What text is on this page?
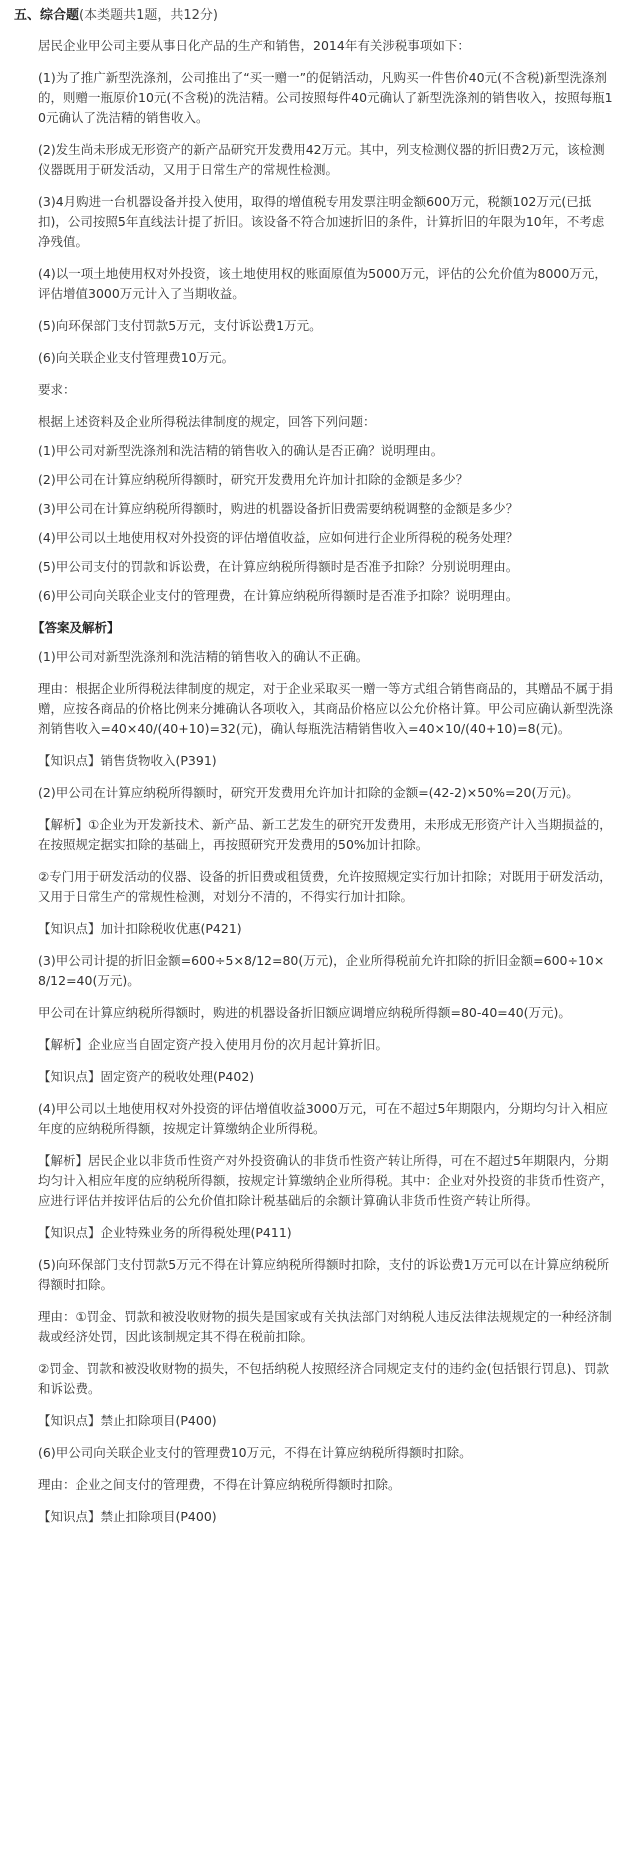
五、综合题(本类题共1题，共12分)

居民企业甲公司主要从事日化产品的生产和销售，2014年有关涉税事项如下：

(1)为了推广新型洗涤剂，公司推出了“买一赠一”的促销活动，凡购买一件售价40元(不含税)新型洗涤剂的，则赠一瓶原价10元(不含税)的洗洁精。公司按照每件40元确认了新型洗涤剂的销售收入，按照每瓶10元确认了洗洁精的销售收入。

(2)发生尚未形成无形资产的新产品研究开发费用42万元。其中，列支检测仪器的折旧费2万元，该检测仪器既用于研发活动，又用于日常生产的常规性检测。

(3)4月购进一台机器设备并投入使用，取得的增值税专用发票注明金额600万元，税额102万元(已抵扣)，公司按照5年直线法计提了折旧。该设备不符合加速折旧的条件，计算折旧的年限为10年，不考虑净残值。

(4)以一项土地使用权对外投资，该土地使用权的账面原值为5000万元，评估的公允价值为8000万元，评估增值3000万元计入了当期收益。

(5)向环保部门支付罚款5万元，支付诉讼费1万元。

(6)向关联企业支付管理费10万元。

要求：

根据上述资料及企业所得税法律制度的规定，回答下列问题：

(1)甲公司对新型洗涤剂和洗洁精的销售收入的确认是否正确？说明理由。

(2)甲公司在计算应纳税所得额时，研究开发费用允许加计扣除的金额是多少？

(3)甲公司在计算应纳税所得额时，购进的机器设备折旧费需要纳税调整的金额是多少？

(4)甲公司以土地使用权对外投资的评估增值收益，应如何进行企业所得税的税务处理？

(5)甲公司支付的罚款和诉讼费，在计算应纳税所得额时是否准予扣除？分别说明理由。

(6)甲公司向关联企业支付的管理费，在计算应纳税所得额时是否准予扣除？说明理由。

【答案及解析】

(1)甲公司对新型洗涤剂和洗洁精的销售收入的确认不正确。

理由：根据企业所得税法律制度的规定，对于企业采取买一赠一等方式组合销售商品的，其赠品不属于捐赠，应按各商品的价格比例来分摊确认各项收入，其商品价格应以公允价格计算。甲公司应确认新型洗涤剂销售收入=40×40/(40+10)=32(元)，确认每瓶洗洁精销售收入=40×10/(40+10)=8(元)。

【知识点】销售货物收入(P391)

(2)甲公司在计算应纳税所得额时，研究开发费用允许加计扣除的金额=(42-2)×50%=20(万元)。

【解析】①企业为开发新技术、新产品、新工艺发生的研究开发费用，未形成无形资产计入当期损益的，在按照规定据实扣除的基础上，再按照研究开发费用的50%加计扣除。

②专门用于研发活动的仪器、设备的折旧费或租赁费，允许按照规定实行加计扣除；对既用于研发活动，又用于日常生产的常规性检测，对划分不清的，不得实行加计扣除。

【知识点】加计扣除税收优惠(P421)

(3)甲公司计提的折旧金额=600÷5×8/12=80(万元)，企业所得税前允许扣除的折旧金额=600÷10×8/12=40(万元)。

甲公司在计算应纳税所得额时，购进的机器设备折旧额应调增应纳税所得额=80-40=40(万元)。

【解析】企业应当自固定资产投入使用月份的次月起计算折旧。

【知识点】固定资产的税收处理(P402)

(4)甲公司以土地使用权对外投资的评估增值收益3000万元，可在不超过5年期限内，分期均匀计入相应年度的应纳税所得额，按规定计算缴纳企业所得税。

【解析】居民企业以非货币性资产对外投资确认的非货币性资产转让所得，可在不超过5年期限内，分期均匀计入相应年度的应纳税所得额，按规定计算缴纳企业所得税。其中：企业对外投资的非货币性资产，应进行评估并按评估后的公允价值扣除计税基础后的余额计算确认非货币性资产转让所得。

【知识点】企业特殊业务的所得税处理(P411)

(5)向环保部门支付罚款5万元不得在计算应纳税所得额时扣除，支付的诉讼费1万元可以在计算应纳税所得额时扣除。

理由：①罚金、罚款和被没收财物的损失是国家或有关执法部门对纳税人违反法律法规规定的一种经济制裁或经济处罚，因此该制规定其不得在税前扣除。

②罚金、罚款和被没收财物的损失，不包括纳税人按照经济合同规定支付的违约金(包括银行罚息)、罚款和诉讼费。

【知识点】禁止扣除项目(P400)

(6)甲公司向关联企业支付的管理费10万元，不得在计算应纳税所得额时扣除。

理由：企业之间支付的管理费，不得在计算应纳税所得额时扣除。

【知识点】禁止扣除项目(P400)
